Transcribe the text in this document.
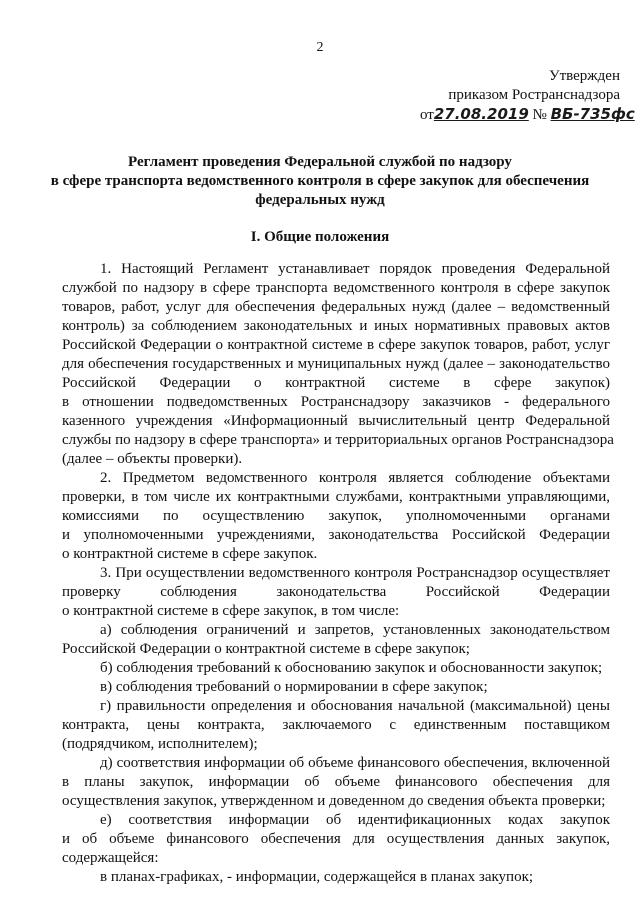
2
Утвержден
приказом Ространснадзора
от27.08.2019 № ВБ-735фс
Регламент проведения Федеральной службой по надзору
в сфере транспорта ведомственного контроля в сфере закупок для обеспечения
федеральных нужд
I. Общие положения
1. Настоящий Регламент устанавливает порядок проведения Федеральной
службой по надзору в сфере транспорта ведомственного контроля в сфере закупок
товаров, работ, услуг для обеспечения федеральных нужд (далее – ведомственный
контроль) за соблюдением законодательных и иных нормативных правовых актов
Российской Федерации о контрактной системе в сфере закупок товаров, работ, услуг
для обеспечения государственных и муниципальных нужд (далее – законодательство
Российской Федерации о контрактной системе в сфере закупок)
в отношении подведомственных Ространснадзору заказчиков - федерального
казенного учреждения «Информационный вычислительный центр Федеральной
службы по надзору в сфере транспорта» и территориальных органов Ространснадзора
(далее – объекты проверки).
2. Предметом ведомственного контроля является соблюдение объектами
проверки, в том числе их контрактными службами, контрактными управляющими,
комиссиями по осуществлению закупок, уполномоченными органами
и уполномоченными учреждениями, законодательства Российской Федерации
о контрактной системе в сфере закупок.
3. При осуществлении ведомственного контроля Ространснадзор осуществляет
проверку соблюдения законодательства Российской Федерации
о контрактной системе в сфере закупок, в том числе:
а) соблюдения ограничений и запретов, установленных законодательством
Российской Федерации о контрактной системе в сфере закупок;
б) соблюдения требований к обоснованию закупок и обоснованности закупок;
в) соблюдения требований о нормировании в сфере закупок;
г) правильности определения и обоснования начальной (максимальной) цены
контракта, цены контракта, заключаемого с единственным поставщиком
(подрядчиком, исполнителем);
д) соответствия информации об объеме финансового обеспечения, включенной
в планы закупок, информации об объеме финансового обеспечения для
осуществления закупок, утвержденном и доведенном до сведения объекта проверки;
е) соответствия информации об идентификационных кодах закупок
и об объеме финансового обеспечения для осуществления данных закупок,
содержащейся:
в планах-графиках, - информации, содержащейся в планах закупок;
